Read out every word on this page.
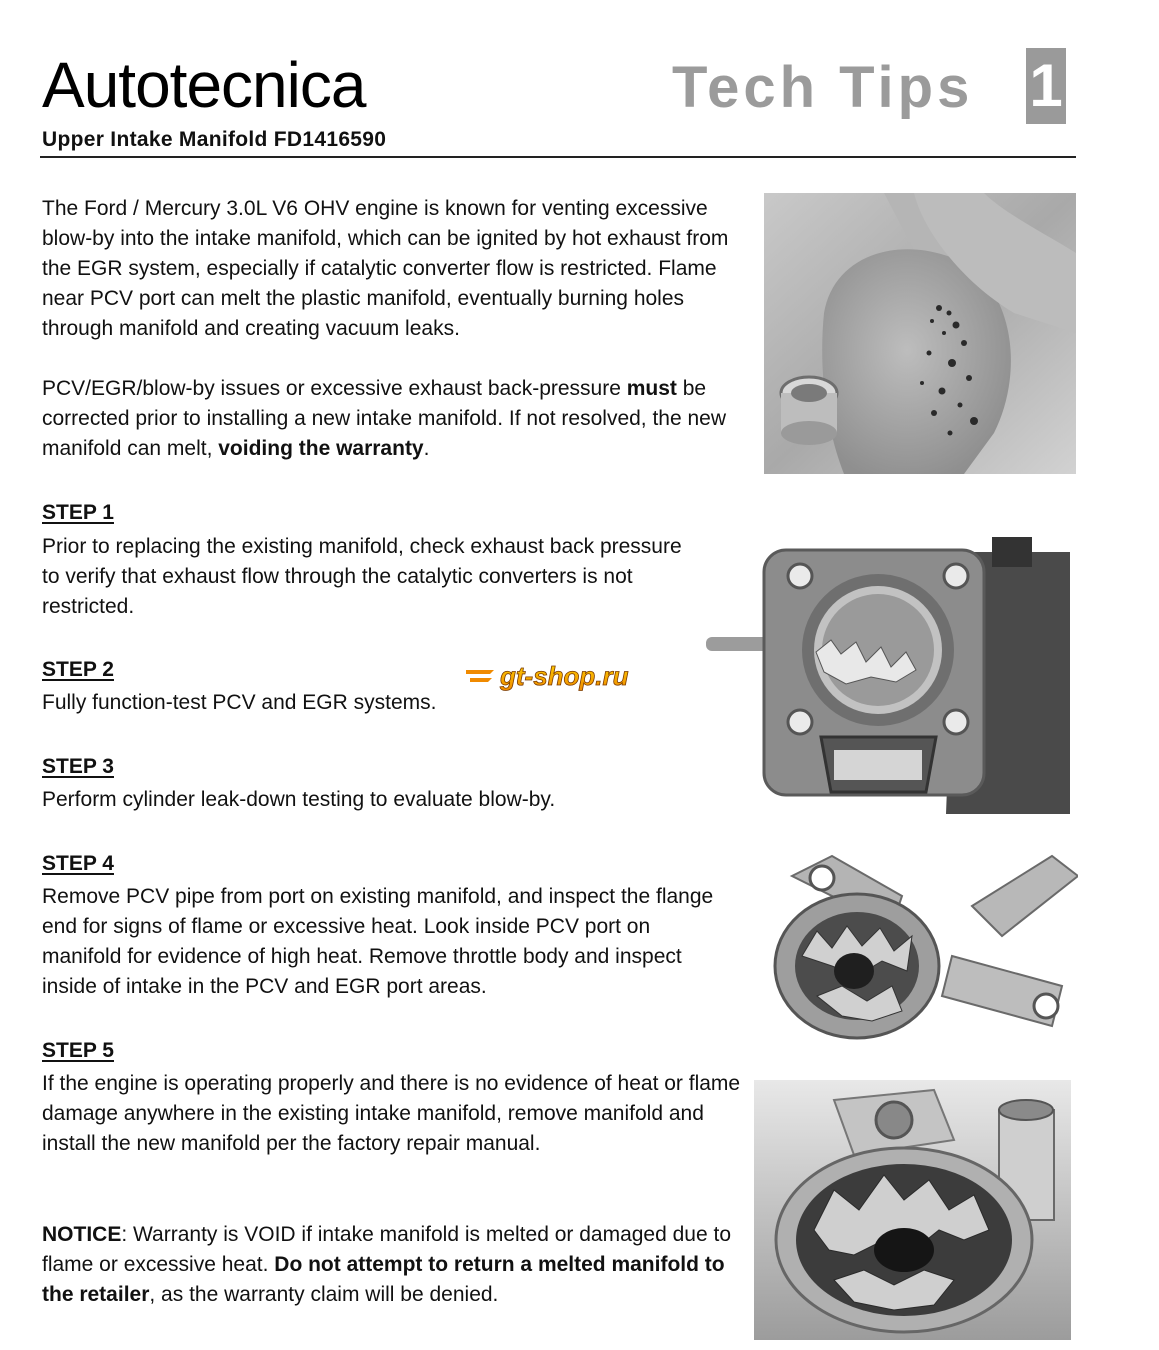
Autotecnica	Tech Tips 1
Upper Intake Manifold FD1416590
The Ford / Mercury 3.0L V6 OHV engine is known for venting excessive blow-by into the intake manifold, which can be ignited by hot exhaust from the EGR system, especially if catalytic converter flow is restricted. Flame near PCV port can melt the plastic manifold, eventually burning holes through manifold and creating vacuum leaks.
PCV/EGR/blow-by issues or excessive exhaust back-pressure must be corrected prior to installing a new intake manifold. If not resolved, the new manifold can melt, voiding the warranty.
STEP 1
Prior to replacing the existing manifold, check exhaust back pressure to verify that exhaust flow through the catalytic converters is not restricted.
STEP 2
Fully function-test PCV and EGR systems.
STEP 3
Perform cylinder leak-down testing to evaluate blow-by.
STEP 4
Remove PCV pipe from port on existing manifold, and inspect the flange end for signs of flame or excessive heat. Look inside PCV port on manifold for evidence of high heat. Remove throttle body and inspect inside of intake in the PCV and EGR port areas.
STEP 5
If the engine is operating properly and there is no evidence of heat or flame damage anywhere in the existing intake manifold, remove manifold and install the new manifold per the factory repair manual.
NOTICE: Warranty is VOID if intake manifold is melted or damaged due to flame or excessive heat. Do not attempt to return a melted manifold to the retailer, as the warranty claim will be denied.
gt-shop.ru
